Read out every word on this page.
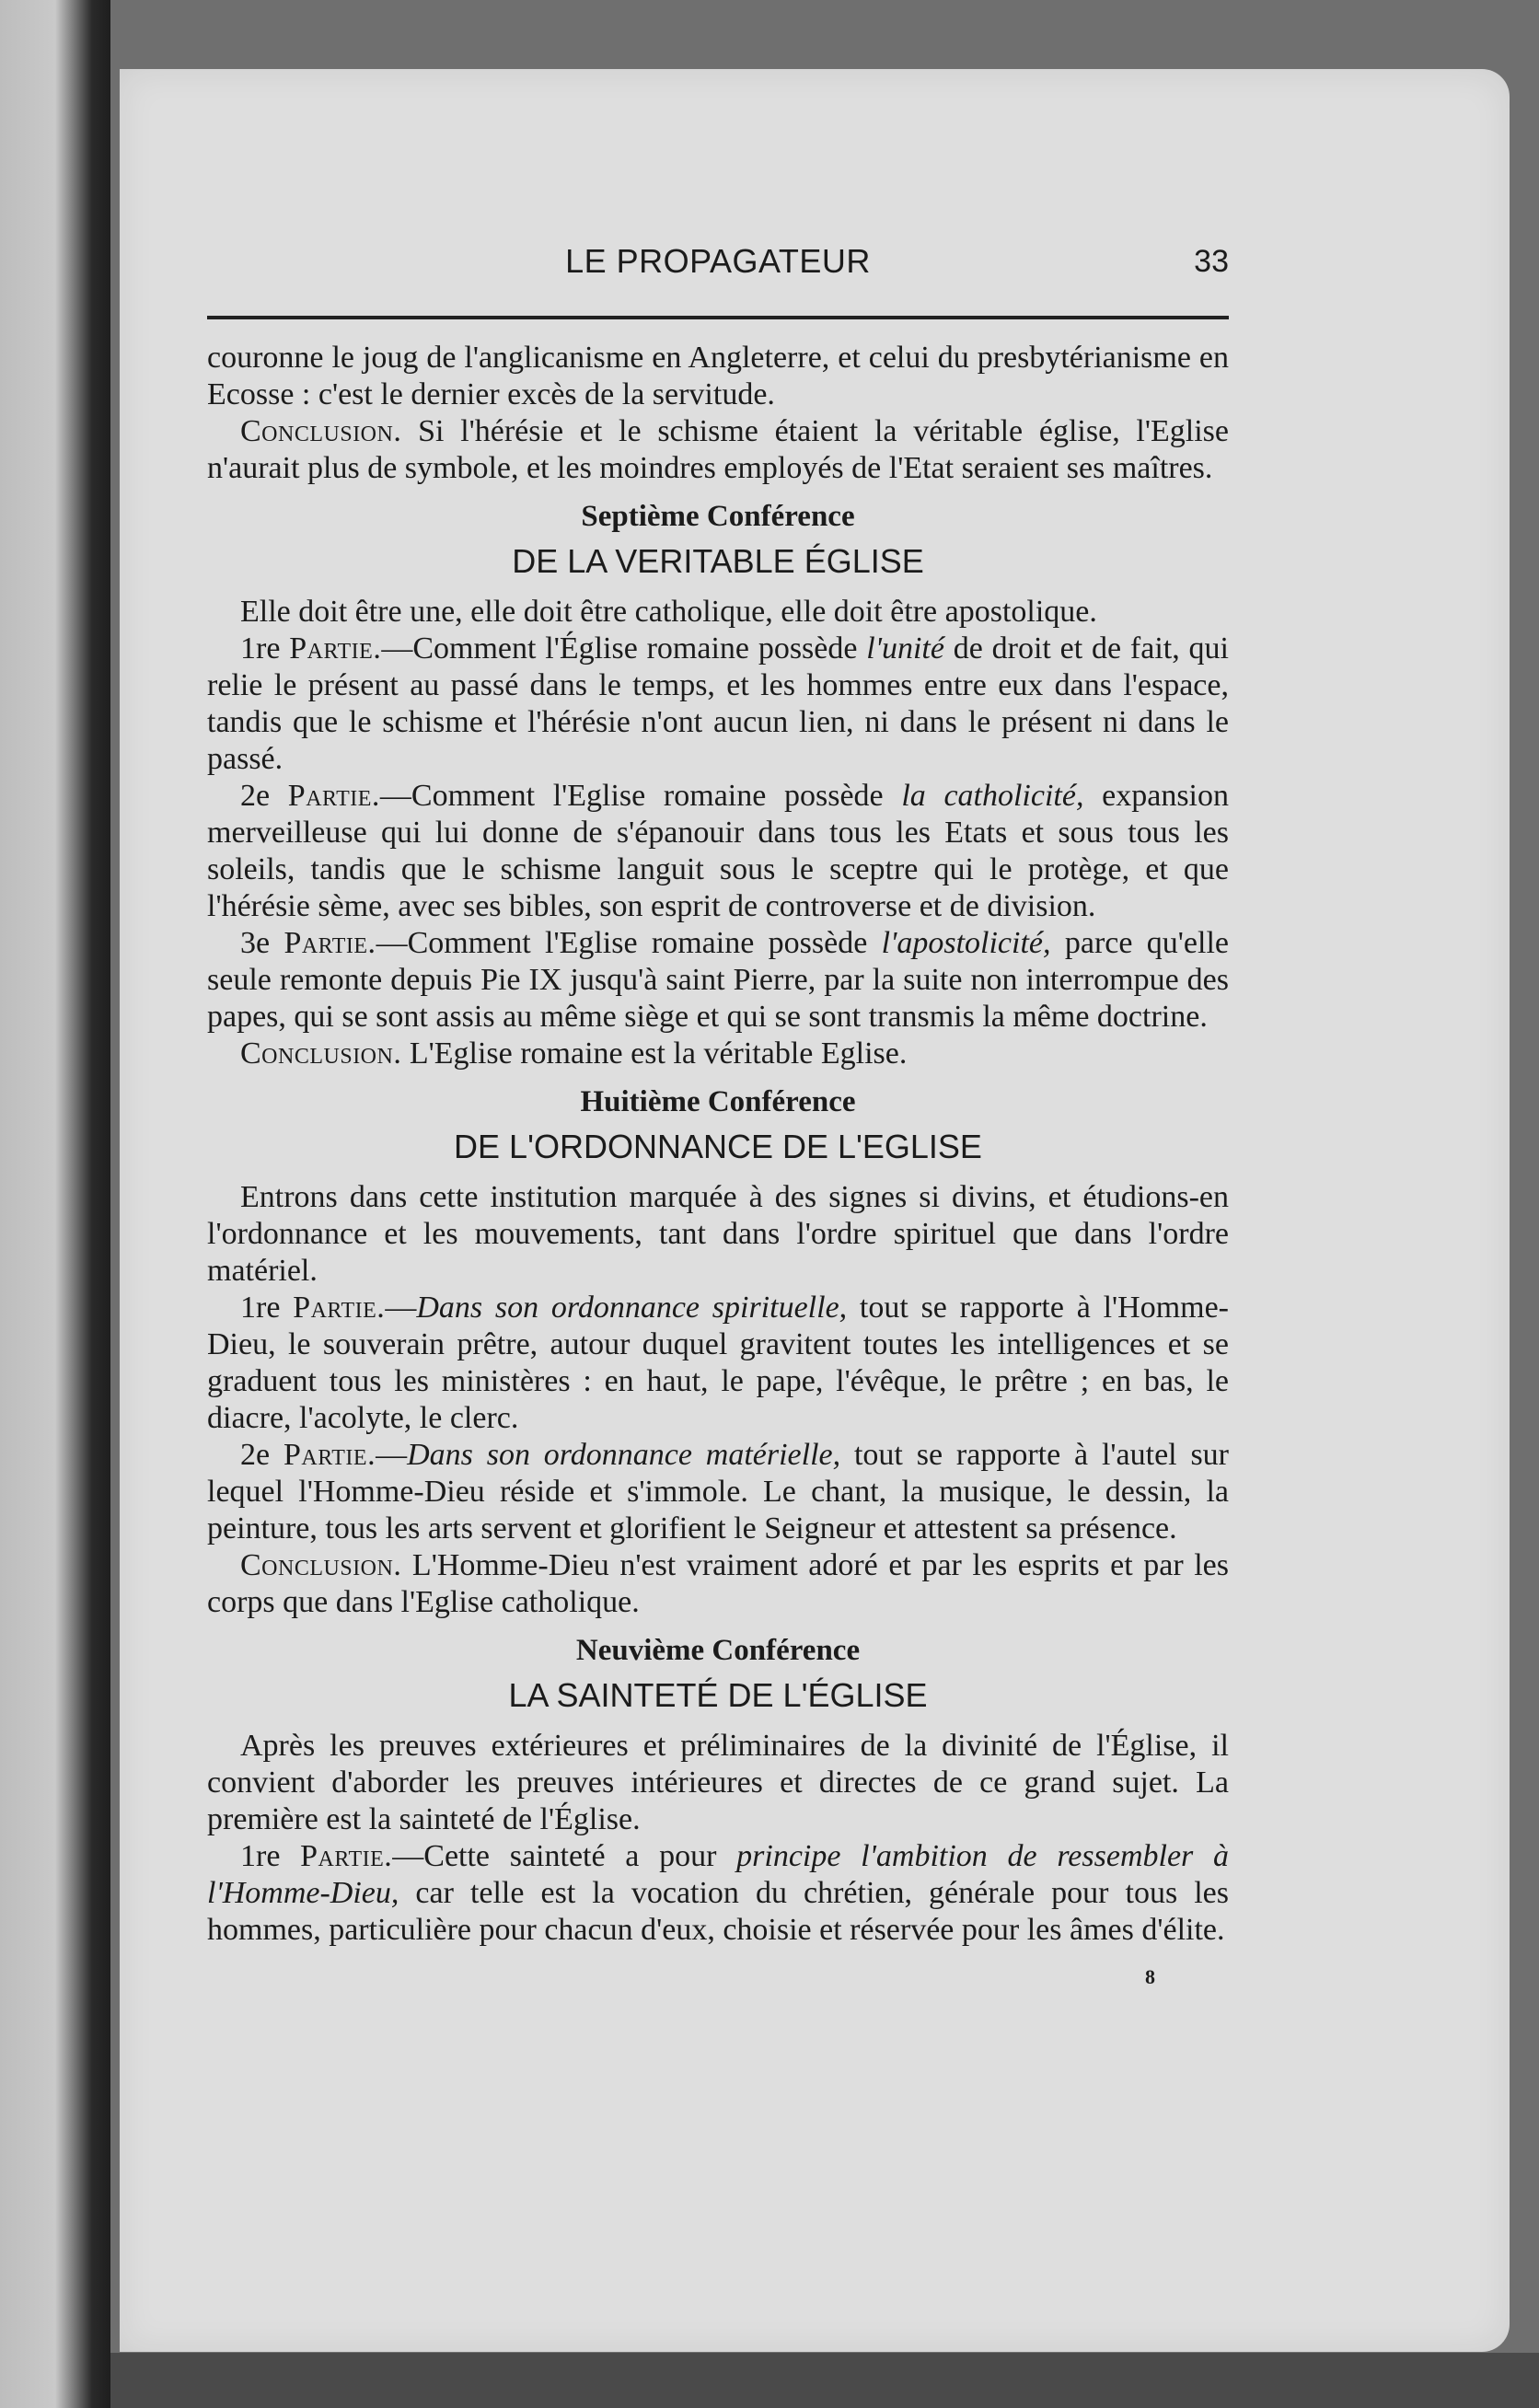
LE PROPAGATEUR	33

couronne le joug de l'anglicanisme en Angleterre, et celui du presbytérianisme en Ecosse : c'est le dernier excès de la servitude.

Conclusion. Si l'hérésie et le schisme étaient la véritable église, l'Eglise n'aurait plus de symbole, et les moindres employés de l'Etat seraient ses maîtres.

Septième Conférence
DE LA VERITABLE ÉGLISE

Elle doit être une, elle doit être catholique, elle doit être apostolique.

1re Partie.—Comment l'Église romaine possède l'unité de droit et de fait, qui relie le présent au passé dans le temps, et les hommes entre eux dans l'espace, tandis que le schisme et l'hérésie n'ont aucun lien, ni dans le présent ni dans le passé.

2e Partie.—Comment l'Eglise romaine possède la catholicité, expansion merveilleuse qui lui donne de s'épanouir dans tous les Etats et sous tous les soleils, tandis que le schisme languit sous le sceptre qui le protège, et que l'hérésie sème, avec ses bibles, son esprit de controverse et de division.

3e Partie.—Comment l'Eglise romaine possède l'apostolicité, parce qu'elle seule remonte depuis Pie IX jusqu'à saint Pierre, par la suite non interrompue des papes, qui se sont assis au même siège et qui se sont transmis la même doctrine.

Conclusion. L'Eglise romaine est la véritable Eglise.

Huitième Conférence
DE L'ORDONNANCE DE L'EGLISE

Entrons dans cette institution marquée à des signes si divins, et étudions-en l'ordonnance et les mouvements, tant dans l'ordre spirituel que dans l'ordre matériel.

1re Partie.—Dans son ordonnance spirituelle, tout se rapporte à l'Homme-Dieu, le souverain prêtre, autour duquel gravitent toutes les intelligences et se graduent tous les ministères : en haut, le pape, l'évêque, le prêtre ; en bas, le diacre, l'acolyte, le clerc.

2e Partie.—Dans son ordonnance matérielle, tout se rapporte à l'autel sur lequel l'Homme-Dieu réside et s'immole. Le chant, la musique, le dessin, la peinture, tous les arts servent et glorifient le Seigneur et attestent sa présence.

Conclusion. L'Homme-Dieu n'est vraiment adoré et par les esprits et par les corps que dans l'Eglise catholique.

Neuvième Conférence
LA SAINTETÉ DE L'ÉGLISE

Après les preuves extérieures et préliminaires de la divinité de l'Église, il convient d'aborder les preuves intérieures et directes de ce grand sujet. La première est la sainteté de l'Église.

1re Partie.—Cette sainteté a pour principe l'ambition de ressembler à l'Homme-Dieu, car telle est la vocation du chrétien, générale pour tous les hommes, particulière pour chacun d'eux, choisie et réservée pour les âmes d'élite.

8
